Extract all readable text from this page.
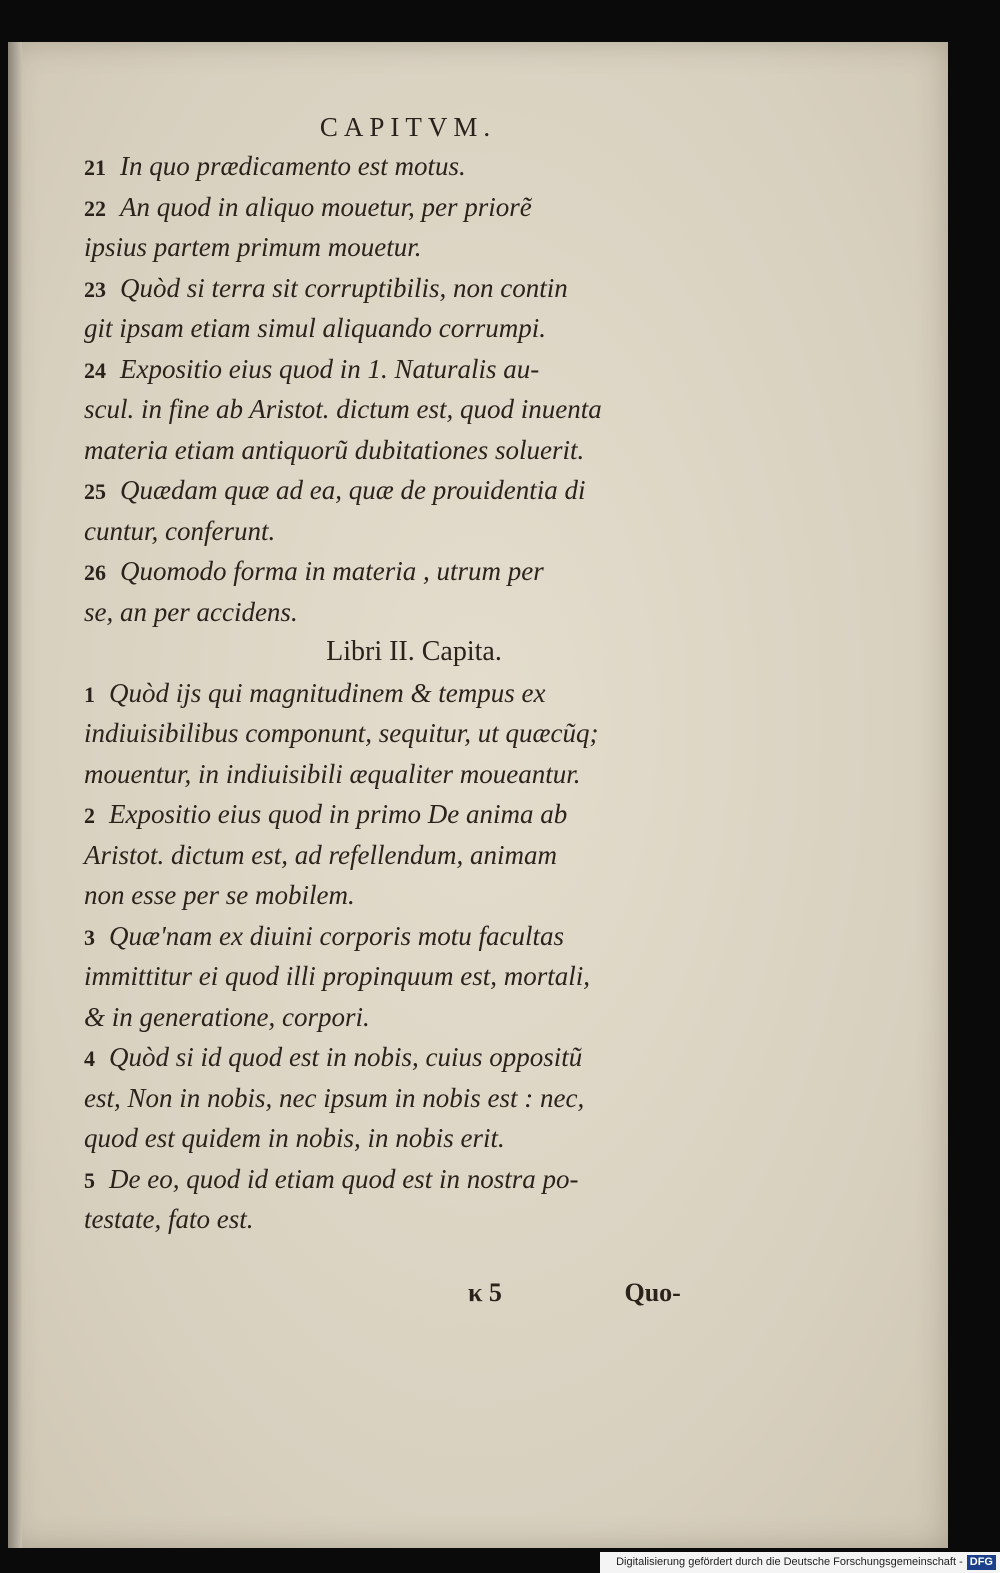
CAPITVM.
21 In quo prædicamento est motus.
22 An quod in aliquo mouetur, per priorẽ
ipsius partem primum mouetur.
23 Quòd si terra sit corruptibilis, non contin
git ipsam etiam simul aliquando corrumpi.
24 Expositio eius quod in 1. Naturalis au-
scul. in fine ab Aristot. dictum est, quod inuenta
materia etiam antiquorũ dubitationes soluerit.
25 Quædam quæ ad ea, quæ de prouidentia di
cuntur, conferunt.
26 Quomodo forma in materia , utrum per
se, an per accidens.
Libri II. Capita.
1 Quòd ijs qui magnitudinem & tempus ex
indiuisibilibus componunt, sequitur, ut quæcũq;
mouentur, in indiuisibili æqualiter moueantur.
2 Expositio eius quod in primo De anima ab
Aristot. dictum est, ad refellendum, animam
non esse per se mobilem.
3 Quæ'nam ex diuini corporis motu facultas
immittitur ei quod illi propinquum est, mortali,
& in generatione, corpori.
4 Quòd si id quod est in nobis, cuius oppositũ
est, Non in nobis, nec ipsum in nobis est : nec,
quod est quidem in nobis, in nobis erit.
5 De eo, quod id etiam quod est in nostra po-
testate, fato est.
κ 5	Quo-
Digitalisierung gefördert durch die Deutsche Forschungsgemeinschaft - DFG
